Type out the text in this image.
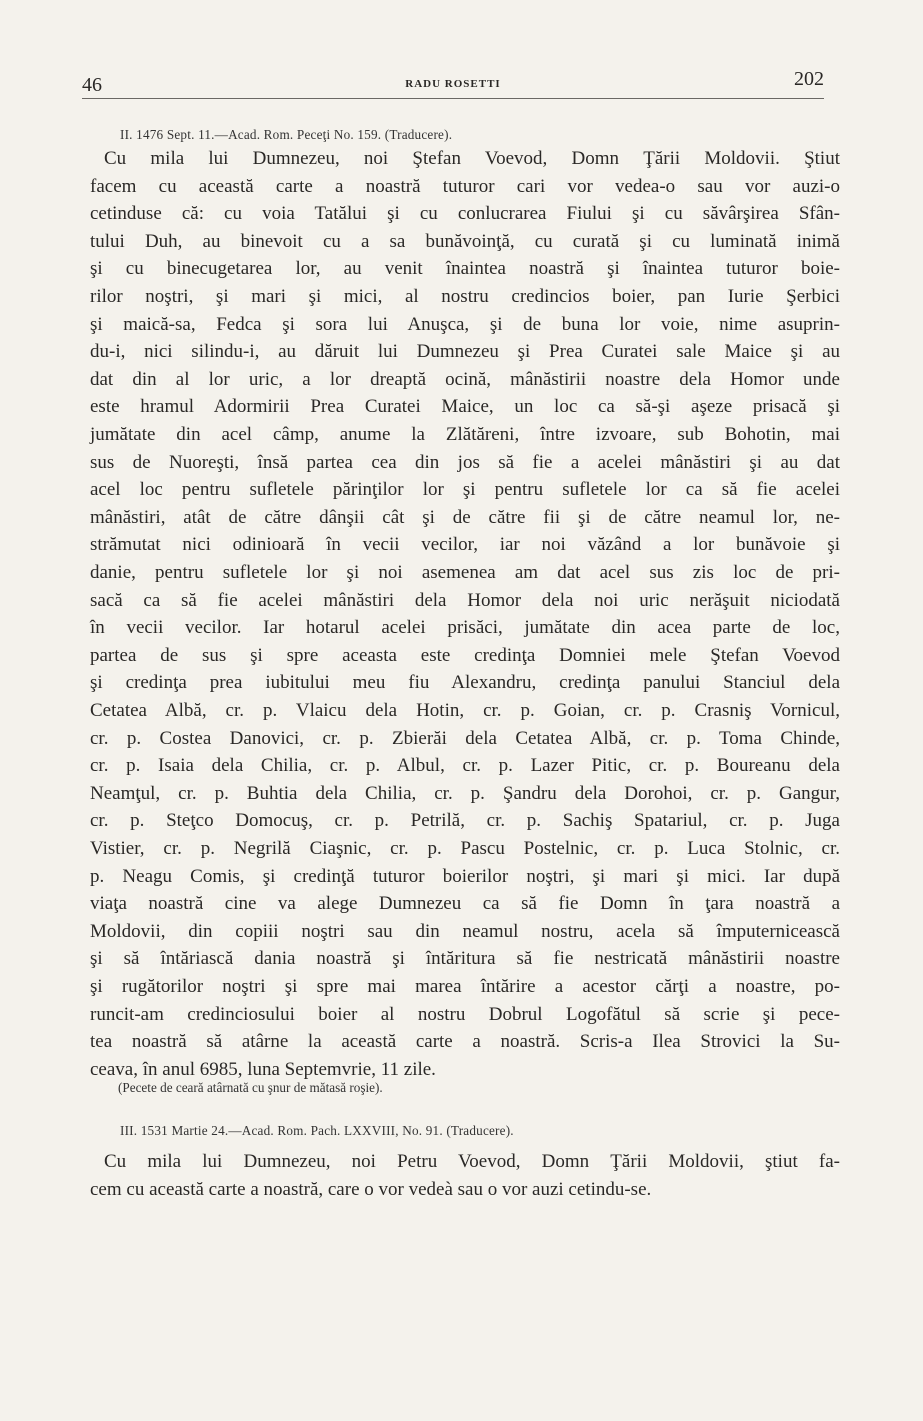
46	RADU ROSETTI	202
II. 1476 Sept. 11.—Acad. Rom. Peceţi No. 159. (Traducere).
Cu mila lui Dumnezeu, noi Ştefan Voevod, Domn Ţării Moldovii. Ştiut
facem cu această carte a noastră tuturor cari vor vedea-o sau vor auzi-o
cetinduse că: cu voia Tatălui şi cu conlucrarea Fiului şi cu săvârşirea Sfân-
tului Duh, au binevoit cu a sa bunăvoinţă, cu curată şi cu luminată inimă
şi cu binecugetarea lor, au venit înaintea noastră şi înaintea tuturor boie-
rilor noştri, şi mari şi mici, al nostru credincios boier, pan Iurie Şerbici
şi maică-sa, Fedca şi sora lui Anuşca, şi de buna lor voie, nime asuprin-
du-i, nici silindu-i, au dăruit lui Dumnezeu şi Prea Curatei sale Maice şi au
dat din al lor uric, a lor dreaptă ocină, mânăstirii noastre dela Homor unde
este hramul Adormirii Prea Curatei Maice, un loc ca să-şi aşeze prisacă şi
jumătate din acel câmp, anume la Zlătăreni, între izvoare, sub Bohotin, mai
sus de Nuoreşti, însă partea cea din jos să fie a acelei mânăstiri şi au dat
acel loc pentru sufletele părinţilor lor şi pentru sufletele lor ca să fie acelei
mânăstiri, atât de către dânşii cât şi de către fii şi de către neamul lor, ne-
strămutat nici odinioară în vecii vecilor, iar noi văzând a lor bunăvoie şi
danie, pentru sufletele lor şi noi asemenea am dat acel sus zis loc de pri-
sacă ca să fie acelei mânăstiri dela Homor dela noi uric nerăşuit niciodată
în vecii vecilor. Iar hotarul acelei prisăci, jumătate din acea parte de loc,
partea de sus şi spre aceasta este credinţa Domniei mele Ştefan Voevod
şi credinţa prea iubitului meu fiu Alexandru, credinţa panului Stanciul dela
Cetatea Albă, cr. p. Vlaicu dela Hotin, cr. p. Goian, cr. p. Crasniş Vornicul,
cr. p. Costea Danovici, cr. p. Zbierăi dela Cetatea Albă, cr. p. Toma Chinde,
cr. p. Isaia dela Chilia, cr. p. Albul, cr. p. Lazer Pitic, cr. p. Boureanu dela
Neamţul, cr. p. Buhtia dela Chilia, cr. p. Şandru dela Dorohoi, cr. p. Gangur,
cr. p. Steţco Domocuş, cr. p. Petrilă, cr. p. Sachiş Spatariul, cr. p. Juga
Vistier, cr. p. Negrilă Ciaşnic, cr. p. Pascu Postelnic, cr. p. Luca Stolnic, cr.
p. Neagu Comis, şi credinţă tuturor boierilor noştri, şi mari şi mici. Iar după
viaţa noastră cine va alege Dumnezeu ca să fie Domn în ţara noastră a
Moldovii, din copiii noştri sau din neamul nostru, acela să împuternicească
şi să întăriască dania noastră şi întăritura să fie nestricată mânăstirii noastre
şi rugătorilor noştri şi spre mai marea întărire a acestor cărţi a noastre, po-
runcit-am credinciosului boier al nostru Dobrul Logofătul să scrie şi pece-
tea noastră să atârne la această carte a noastră. Scris-a Ilea Strovici la Su-
ceava, în anul 6985, luna Septemvrie, 11 zile.
(Pecete de ceară atârnată cu şnur de mătasă roşie).
III. 1531 Martie 24.—Acad. Rom. Pach. LXXVIII, No. 91. (Traducere).
Cu mila lui Dumnezeu, noi Petru Voevod, Domn Ţării Moldovii, ştiut fa-
cem cu această carte a noastră, care o vor vedeà sau o vor auzi cetindu-se.
